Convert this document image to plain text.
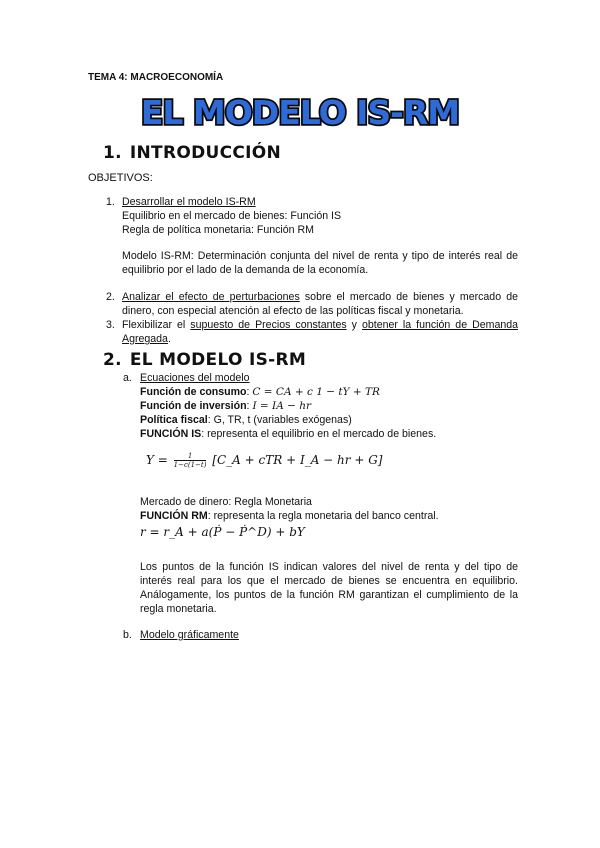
TEMA 4: MACROECONOMÍA
EL MODELO IS-RM
1. INTRODUCCIÓN
OBJETIVOS:
1. Desarrollar el modelo IS-RM
Equilibrio en el mercado de bienes: Función IS
Regla de política monetaria: Función RM
Modelo IS-RM: Determinación conjunta del nivel de renta y tipo de interés real de equilibrio por el lado de la demanda de la economía.
2. Analizar el efecto de perturbaciones sobre el mercado de bienes y mercado de dinero, con especial atención al efecto de las políticas fiscal y monetaria.
3. Flexibilizar el supuesto de Precios constantes y obtener la función de Demanda Agregada.
2. EL MODELO IS-RM
a. Ecuaciones del modelo
Función de consumo: C = CA + c 1 − tY + TR
Función de inversión: I = IA − hr
Política fiscal: G, TR, t (variables exógenas)
FUNCIÓN IS: representa el equilibrio en el mercado de bienes.
$Y = \frac{1}{1-c(1-t)}$ [C_A + cTR + I_A − hr + G]
Mercado de dinero: Regla Monetaria
FUNCIÓN RM: representa la regla monetaria del banco central.
r = r_A + a(Ṗ − Ṗ^D) + bY
Los puntos de la función IS indican valores del nivel de renta y del tipo de interés real para los que el mercado de bienes se encuentra en equilibrio. Análogamente, los puntos de la función RM garantizan el cumplimiento de la regla monetaria.
b. Modelo gráficamente
